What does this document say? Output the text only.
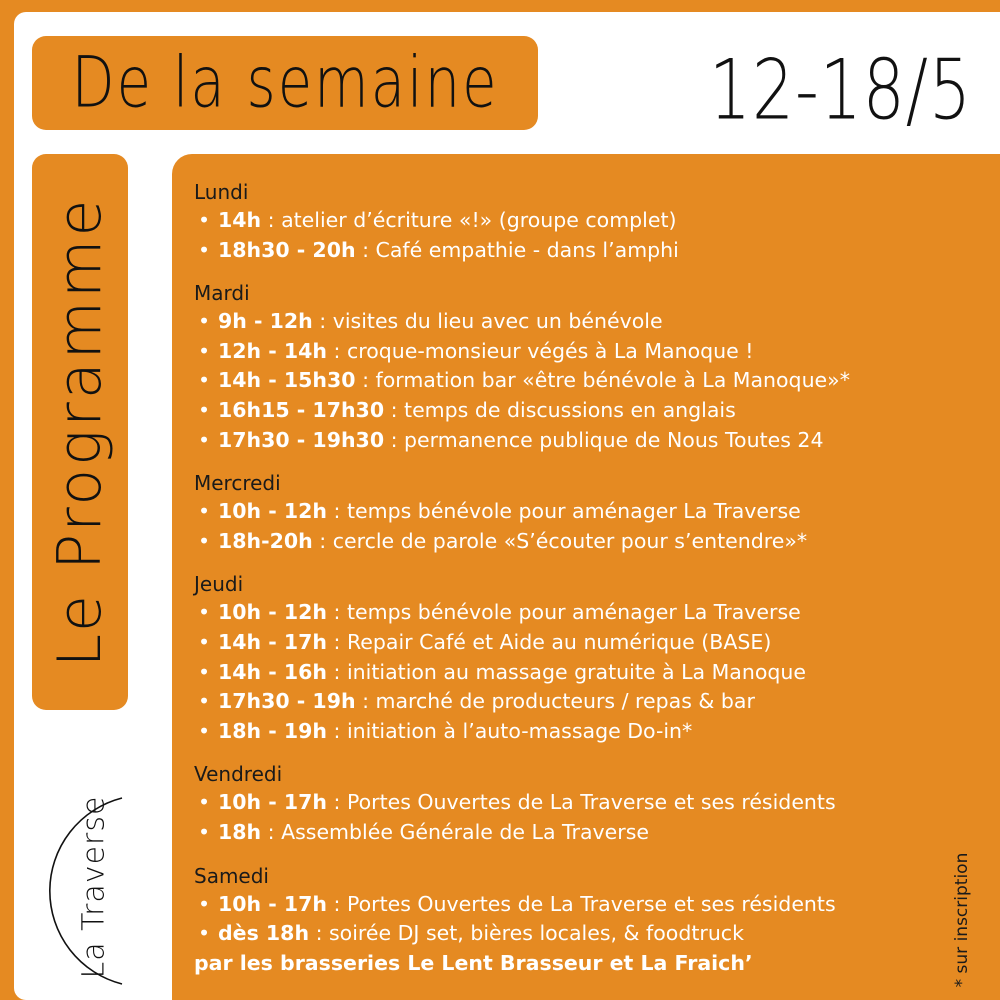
De la semaine	12-18/5
Le Programme
La Traverse
Lundi
• 14h : atelier d’écriture «!» (groupe complet)
• 18h30 - 20h : Café empathie - dans l’amphi
Mardi
• 9h - 12h : visites du lieu avec un bénévole
• 12h - 14h : croque-monsieur végés à La Manoque !
• 14h - 15h30 : formation bar «être bénévole à La Manoque»*
• 16h15 - 17h30 : temps de discussions en anglais
• 17h30 - 19h30 : permanence publique de Nous Toutes 24
Mercredi
• 10h - 12h : temps bénévole pour aménager La Traverse
• 18h-20h : cercle de parole «S’écouter pour s’entendre»*
Jeudi
• 10h - 12h : temps bénévole pour aménager La Traverse
• 14h - 17h : Repair Café et Aide au numérique (BASE)
• 14h - 16h : initiation au massage gratuite à La Manoque
• 17h30 - 19h : marché de producteurs / repas & bar
• 18h - 19h : initiation à l’auto-massage Do-in*
Vendredi
• 10h - 17h : Portes Ouvertes de La Traverse et ses résidents
• 18h : Assemblée Générale de La Traverse
Samedi
• 10h - 17h : Portes Ouvertes de La Traverse et ses résidents
• dès 18h : soirée DJ set, bières locales, & foodtruck
par les brasseries Le Lent Brasseur et La Fraich’	* sur inscription
